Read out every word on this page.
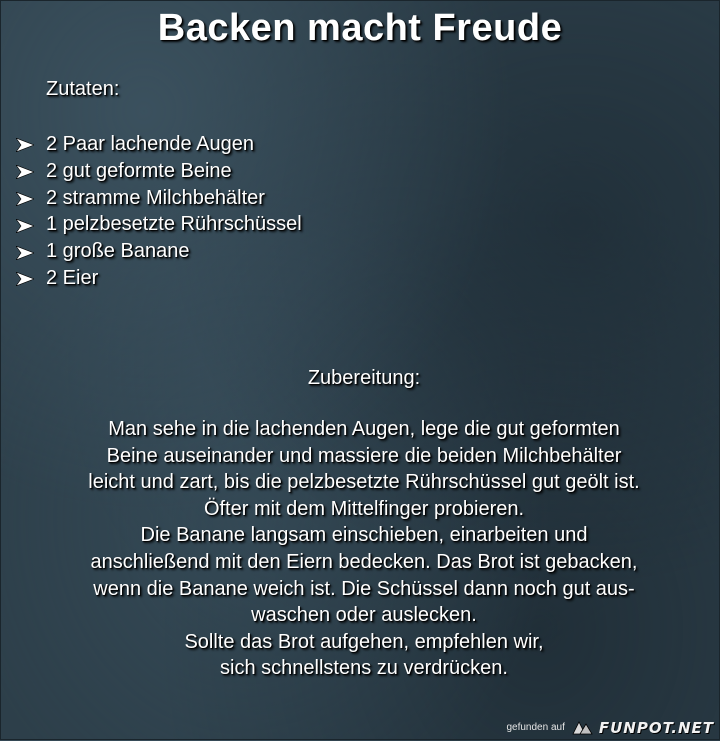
Backen macht Freude
Zutaten:
2 Paar lachende Augen
2 gut geformte Beine
2 stramme Milchbehälter
1 pelzbesetzte Rührschüssel
1 große Banane
2 Eier
Zubereitung:
Man sehe in die lachenden Augen, lege die gut geformten
Beine auseinander und massiere die beiden Milchbehälter
leicht und zart, bis die pelzbesetzte Rührschüssel gut geölt ist.
Öfter mit dem Mittelfinger probieren.
Die Banane langsam einschieben, einarbeiten und
anschließend mit den Eiern bedecken. Das Brot ist gebacken,
wenn die Banane weich ist. Die Schüssel dann noch gut aus-
waschen oder auslecken.
Sollte das Brot aufgehen, empfehlen wir,
sich schnellstens zu verdrücken.
gefunden auf FUNPOT.NET
